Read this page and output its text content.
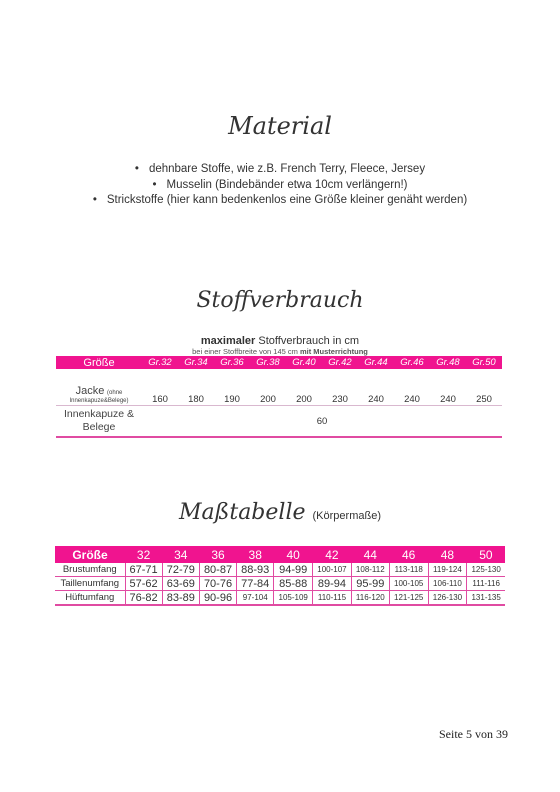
Material
• dehnbare Stoffe, wie z.B. French Terry, Fleece, Jersey
• Musselin (Bindebänder etwa 10cm verlängern!)
• Strickstoffe (hier kann bedenkenlos eine Größe kleiner genäht werden)
Stoffverbrauch
maximaler Stoffverbrauch in cm
bei einer Stoffbreite von 145 cm mit Musterrichtung
Größe	Gr.32	Gr.34	Gr.36	Gr.38	Gr.40	Gr.42	Gr.44	Gr.46	Gr.48	Gr.50
Jacke (ohne
Innenkapuze&Belege)	160	180	190	200	200	230	240	240	240	250
Innenkapuze & Belege	60									
Maßtabelle (Körpermaße)
Größe	32	34	36	38	40	42	44	46	48	50
Brustumfang	67-71	72-79	80-87	88-93	94-99	100-107	108-112	113-118	119-124	125-130
Taillenumfang	57-62	63-69	70-76	77-84	85-88	89-94	95-99	100-105	106-110	111-116
Hüftumfang	76-82	83-89	90-96	97-104	105-109	110-115	116-120	121-125	126-130	131-135
Seite 5 von 39
